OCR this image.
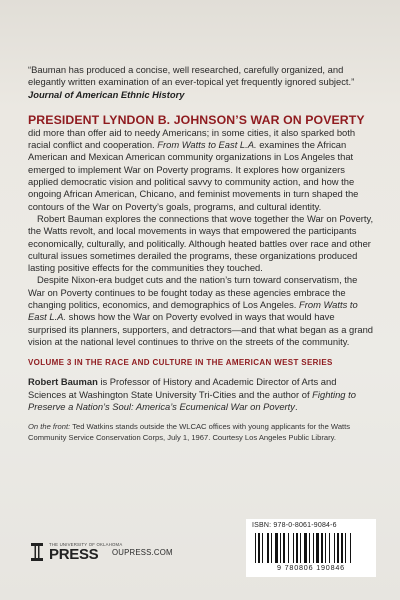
“Bauman has produced a concise, well researched, carefully organized, and elegantly written examination of an ever-topical yet frequently ignored subject.”

Journal of American Ethnic History

PRESIDENT LYNDON B. JOHNSON’S WAR ON POVERTY

did more than offer aid to needy Americans; in some cities, it also sparked both racial conflict and cooperation. From Watts to East L.A. examines the African American and Mexican American community organizations in Los Angeles that emerged to implement War on Poverty programs. It explores how organizers applied democratic vision and political savvy to community action, and how the ongoing African American, Chicano, and feminist movements in turn shaped the contours of the War on Poverty’s goals, programs, and cultural identity.

Robert Bauman explores the connections that wove together the War on Poverty, the Watts revolt, and local movements in ways that empowered the participants economically, culturally, and politically. Although heated battles over race and other cultural issues sometimes derailed the programs, these organizations produced lasting positive effects for the communities they touched.

Despite Nixon-era budget cuts and the nation’s turn toward conservatism, the War on Poverty continues to be fought today as these agencies embrace the changing politics, economics, and demographics of Los Angeles. From Watts to East L.A. shows how the War on Poverty evolved in ways that would have surprised its planners, supporters, and detractors—and that what began as a grand vision at the national level continues to thrive on the streets of the community.

VOLUME 3 IN THE RACE AND CULTURE IN THE AMERICAN WEST SERIES
Robert Bauman is Professor of History and Academic Director of Arts and Sciences at Washington State University Tri-Cities and the author of Fighting to Preserve a Nation’s Soul: America’s Ecumenical War on Poverty.
On the front: Ted Watkins stands outside the WLCAC offices with young applicants for the Watts Community Service Conservation Corps, July 1, 1967. Courtesy Los Angeles Public Library.
THE UNIVERSITY OF OKLAHOMA
PRESS	OUPRESS.COM
ISBN: 978-0-8061-9084-6
9 780806 190846
